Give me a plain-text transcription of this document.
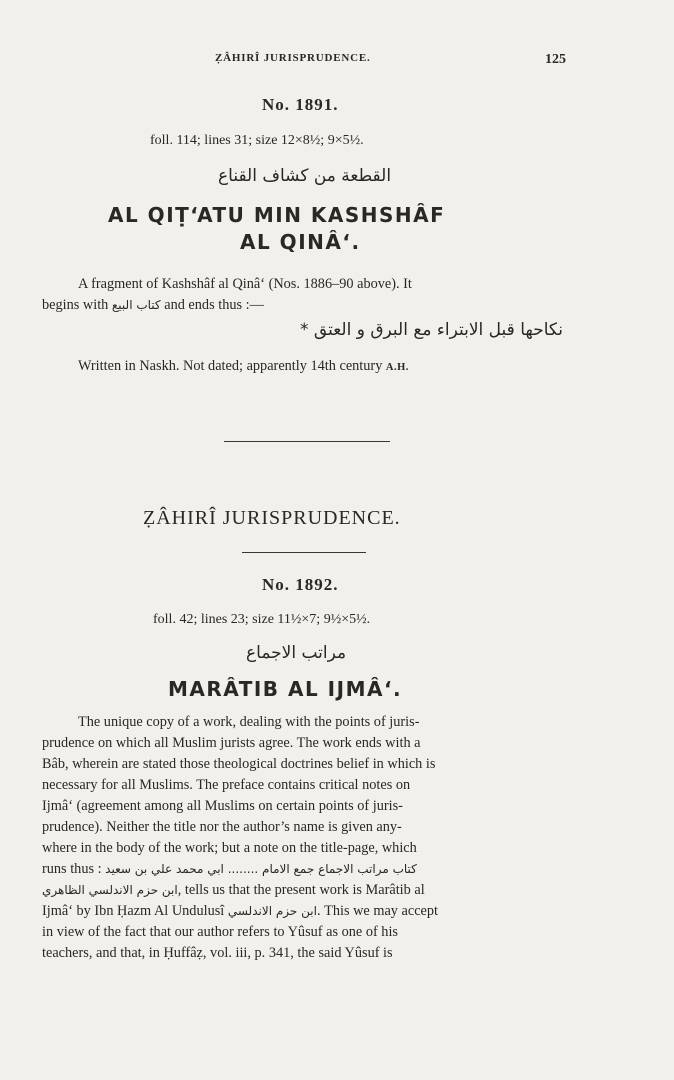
ẒÂHIRÎ JURISPRUDENCE.	125
No. 1891.
foll. 114; lines 31; size 12×8½; 9×5½.
القطعة من كشاف القناع
AL QIṬ‘ATU MIN KASHSHÂF
AL QINÂ‘.
A fragment of Kashshâf al Qinâ‘ (Nos. 1886–90 above). It
begins with كتاب البيع and ends thus :—
نكاحها قبل الابتراء مع البرق و العتق *
Written in Naskh. Not dated; apparently 14th century A.H.
ẒÂHIRÎ JURISPRUDENCE.
No. 1892.
foll. 42; lines 23; size 11½×7; 9½×5½.
مراتب الاجماع
MARÂTIB AL IJMÂ‘.
The unique copy of a work, dealing with the points of juris-
prudence on which all Muslim jurists agree. The work ends with a
Bâb, wherein are stated those theological doctrines belief in which is
necessary for all Muslims. The preface contains critical notes on
Ijmâ‘ (agreement among all Muslims on certain points of juris-
prudence). Neither the title nor the author’s name is given any-
where in the body of the work; but a note on the title-page, which
runs thus : كتاب مراتب الاجماع جمع الامام ........ ابي محمد علي بن سعيد
ابن حزم الاندلسي الظاهري, tells us that the present work is Marâtib al
Ijmâ‘ by Ibn Ḥazm Al Undulusî ابن حزم الاندلسي. This we may accept
in view of the fact that our author refers to Yûsuf as one of his
teachers, and that, in Ḥuffâẓ, vol. iii, p. 341, the said Yûsuf is
